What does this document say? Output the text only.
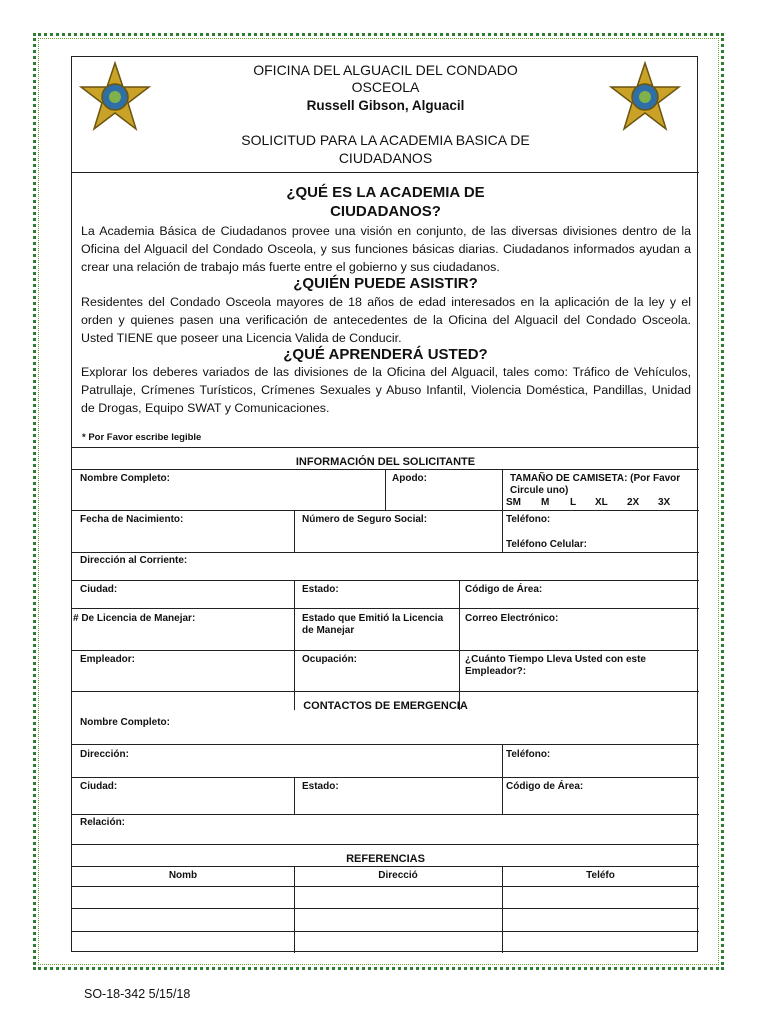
OFICINA DEL ALGUACIL DEL CONDADO
OSCEOLA
Russell Gibson, Alguacil
SOLICITUD PARA LA ACADEMIA BASICA DE
CIUDADANOS
¿QUÉ ES LA ACADEMIA DE
CIUDADANOS?
La Academia Básica de Ciudadanos provee una visión en conjunto, de las diversas divisiones dentro de la Oficina del Alguacil del Condado Osceola, y sus funciones básicas diarias. Ciudadanos informados ayudan a crear una relación de trabajo más fuerte entre el gobierno y sus ciudadanos.
¿QUIÉN PUEDE ASISTIR?
Residentes del Condado Osceola mayores de 18 años de edad interesados en la aplicación de la ley y el orden y quienes pasen una verificación de antecedentes de la Oficina del Alguacil del Condado Osceola. Usted TIENE que poseer una Licencia Valida de Conducir.
¿QUÉ APRENDERÁ USTED?
Explorar los deberes variados de las divisiones de la Oficina del Alguacil, tales como: Tráfico de Vehículos, Patrullaje, Crímenes Turísticos, Crímenes Sexuales y Abuso Infantil, Violencia Doméstica, Pandillas, Unidad de Drogas, Equipo SWAT y Comunicaciones.
* Por Favor escribe legible
INFORMACIÓN DEL SOLICITANTE
Nombre Completo:	Apodo:	TAMAÑO DE CAMISETA: (Por Favor
Circule uno)
SM M L XL 2X 3X
Fecha de Nacimiento:	Número de Seguro Social:	Teléfono:
Teléfono Celular:
Dirección al Corriente:
Ciudad:	Estado:	Código de Área:
# De Licencia de Manejar:	Estado que Emitió la Licencia
de Manejar
Correo Electrónico:
Empleador:	Ocupación:	¿Cuánto Tiempo Lleva Usted con este
Empleador?:
CONTACTOS DE EMERGENCIA
Nombre Completo:
Dirección:	Teléfono:
Ciudad:	Estado:	Código de Área:
Relación:
REFERENCIAS
Nomb	Direcció	Teléfo
SO-18-342 5/15/18
